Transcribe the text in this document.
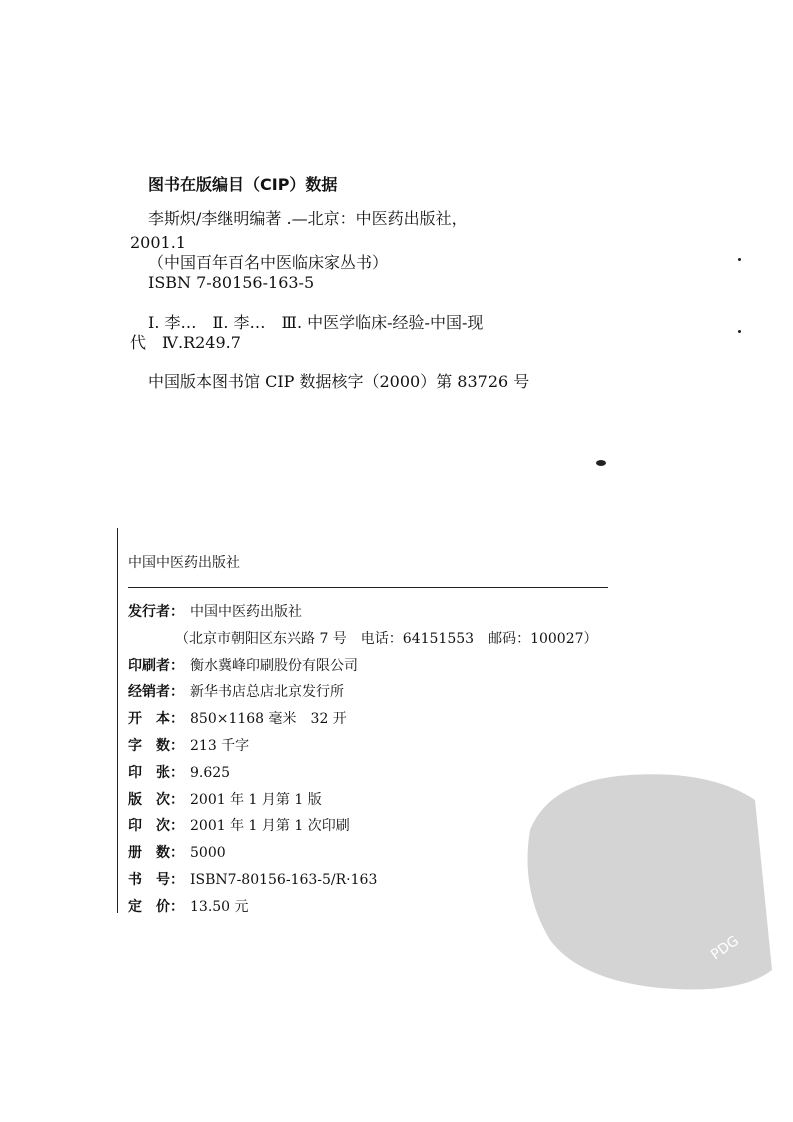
图书在版编目（CIP）数据
李斯炽/李继明编著 .—北京：中医药出版社，
2001.1
（中国百年百名中医临床家丛书）
ISBN 7-80156-163-5
Ⅰ. 李…　Ⅱ. 李…　Ⅲ. 中医学临床-经验-中国-现
代　Ⅳ.R249.7
中国版本图书馆 CIP 数据核字（2000）第 83726 号
中国中医药出版社
PDG
发行者： 中国中医药出版社
（北京市朝阳区东兴路 7 号　电话：64151553　邮码：100027）
印刷者： 衡水冀峰印刷股份有限公司
经销者： 新华书店总店北京发行所
开　本： 850×1168 毫米　32 开
字　数： 213 千字
印　张： 9.625
版　次： 2001 年 1 月第 1 版
印　次： 2001 年 1 月第 1 次印刷
册　数： 5000
书　号： ISBN7-80156-163-5/R·163
定　价： 13.50 元
